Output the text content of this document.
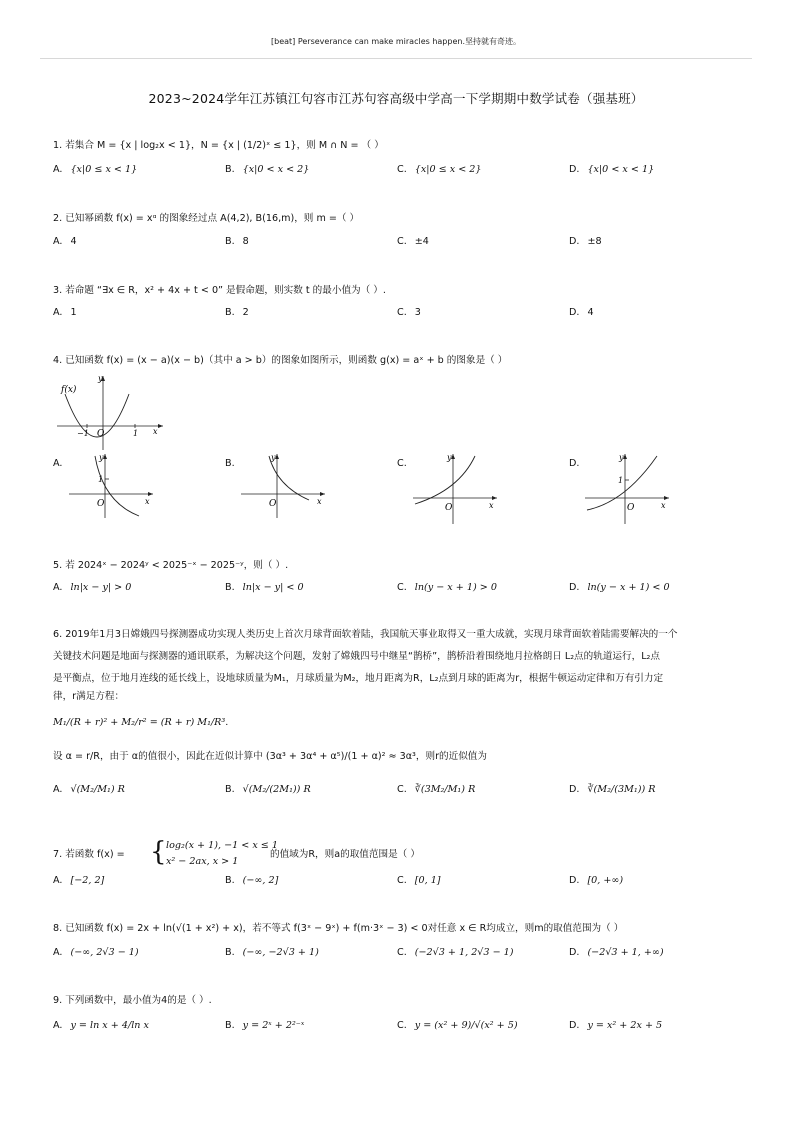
[beat] Perseverance can make miracles happen.坚持就有奇迹。
2023~2024学年江苏镇江句容市江苏句容高级中学高一下学期期中数学试卷（强基班）
1. 若集合 M = {x | log₂x < 1}，N = {x | (1/2)ˣ ≤ 1}，则 M ∩ N = （ ）
A. {x|0 ≤ x < 1}	B. {x|0 < x < 2}	C. {x|0 ≤ x < 2}	D. {x|0 < x < 1}
2. 已知幂函数 f(x) = xᵅ 的图象经过点 A(4,2), B(16,m)，则 m =（ ）
A. 4	B. 8	C. ±4	D. ±8
3. 若命题 “∃x ∈ R，x² + 4x + t < 0” 是假命题，则实数 t 的最小值为（ ）.
A. 1	B. 2	C. 3	D. 4
4. 已知函数 f(x) = (x − a)(x − b)（其中 a > b）的图象如图所示，则函数 g(x) = aˣ + b 的图象是（ ）
f(x)
y
x
O
−1	1
A.	B.	C.	D.
y
x
O
1
y
x
O
y
x
O
y
x
O
1
5. 若 2024ˣ − 2024ʸ < 2025⁻ˣ − 2025⁻ʸ，则（ ）.
A. ln|x − y| > 0	B. ln|x − y| < 0	C. ln(y − x + 1) > 0	D. ln(y − x + 1) < 0
6. 2019年1月3日嫦娥四号探测器成功实现人类历史上首次月球背面软着陆，我国航天事业取得又一重大成就，实现月球背面软着陆需要解决的一个
关键技术问题是地面与探测器的通讯联系，为解决这个问题，发射了嫦娥四号中继星“鹊桥”，鹊桥沿着围绕地月拉格朗日 L₂点的轨道运行，L₂点
是平衡点，位于地月连线的延长线上，设地球质量为M₁，月球质量为M₂，地月距离为R，L₂点到月球的距离为r，根据牛顿运动定律和万有引力定
律，r满足方程：
M₁/(R + r)² + M₂/r² = (R + r) M₁/R³.
设 α = r/R，由于 α的值很小，因此在近似计算中 (3α³ + 3α⁴ + α⁵)/(1 + α)² ≈ 3α³，则r的近似值为
A. √(M₂/M₁) R	B. √(M₂/(2M₁)) R	C. ∛(3M₂/M₁) R	D. ∛(M₂/(3M₁)) R
7. 若函数 f(x) = { log₂(x + 1), −1 < x ≤ 1
x² − 2ax, x > 1
的值域为R，则a的取值范围是（ ）
A. [−2, 2]	B. (−∞, 2]	C. [0, 1]	D. [0, +∞)
8. 已知函数 f(x) = 2x + ln(√(1 + x²) + x)，若不等式 f(3ˣ − 9ˣ) + f(m·3ˣ − 3) < 0对任意 x ∈ R均成立，则m的取值范围为（ ）
A. (−∞, 2√3 − 1)	B. (−∞, −2√3 + 1)	C. (−2√3 + 1, 2√3 − 1)	D. (−2√3 + 1, +∞)
9. 下列函数中，最小值为4的是（ ）.
A. y = ln x + 4/ln x	B. y = 2ˣ + 2²⁻ˣ	C. y = (x² + 9)/√(x² + 5)	D. y = x² + 2x + 5
